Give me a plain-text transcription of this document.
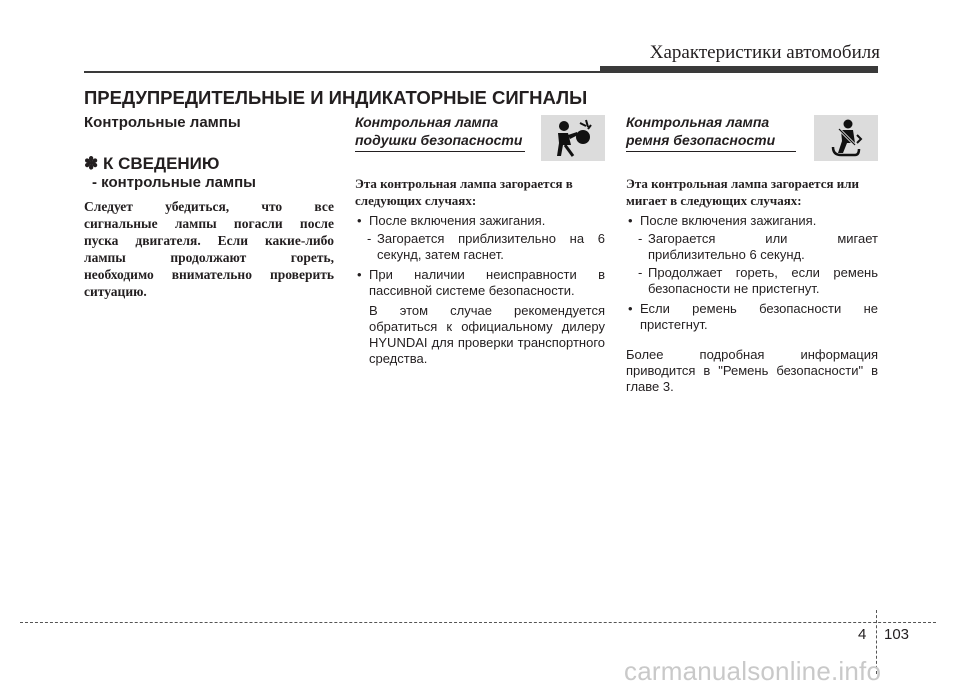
Характеристики автомобиля
ПРЕДУПРЕДИТЕЛЬНЫЕ И ИНДИКАТОРНЫЕ СИГНАЛЫ
Контрольные лампы
✽ К СВЕДЕНИЮ
- контрольные лампы
Следует убедиться, что все
сигнальные лампы погасли после
пуска двигателя. Если какие-либо
лампы продолжают гореть,
необходимо внимательно проверить
ситуацию.
Контрольная лампа
подушки безопасности
Эта контрольная лампа загорается в
следующих случаях:
• После включения зажигания.
- Загорается приблизительно на 6 секунд, затем гаснет.
• При наличии неисправности в пассивной системе безопасности.
В этом случае рекомендуется обратиться к официальному дилеру HYUNDAI для проверки транспортного средства.
Контрольная лампа
ремня безопасности
Эта контрольная лампа загорается или
мигает в следующих случаях:
• После включения зажигания.
- Загорается или мигает приблизительно 6 секунд.
- Продолжает гореть, если ремень безопасности не пристегнут.
• Если ремень безопасности не пристегнут.
Более подробная информация приводится в "Ремень безопасности" в главе 3.
4 103
carmanualsonline.info
